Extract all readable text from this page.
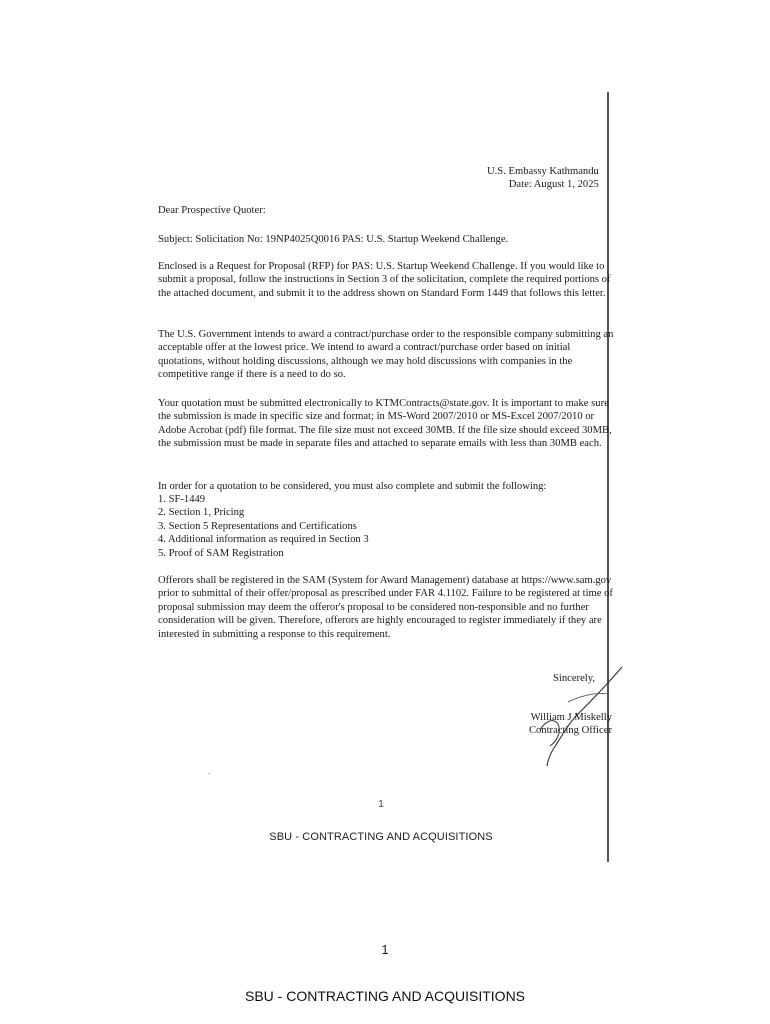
U.S. Embassy Kathmandu
Date: August 1, 2025

Dear Prospective Quoter:

Subject: Solicitation No: 19NP4025Q0016 PAS: U.S. Startup Weekend Challenge.

Enclosed is a Request for Proposal (RFP) for PAS: U.S. Startup Weekend Challenge. If you would like to submit a proposal, follow the instructions in Section 3 of the solicitation, complete the required portions of the attached document, and submit it to the address shown on Standard Form 1449 that follows this letter.

The U.S. Government intends to award a contract/purchase order to the responsible company submitting an acceptable offer at the lowest price. We intend to award a contract/purchase order based on initial quotations, without holding discussions, although we may hold discussions with companies in the competitive range if there is a need to do so.

Your quotation must be submitted electronically to KTMContracts@state.gov. It is important to make sure the submission is made in specific size and format; in MS-Word 2007/2010 or MS-Excel 2007/2010 or Adobe Acrobat (pdf) file format. The file size must not exceed 30MB. If the file size should exceed 30MB, the submission must be made in separate files and attached to separate emails with less than 30MB each.

In order for a quotation to be considered, you must also complete and submit the following:

1. SF-1449
2. Section 1, Pricing
3. Section 5 Representations and Certifications
4. Additional information as required in Section 3
5. Proof of SAM Registration

Offerors shall be registered in the SAM (System for Award Management) database at https://www.sam.gov prior to submittal of their offer/proposal as prescribed under FAR 4.1102. Failure to be registered at time of proposal submission may deem the offeror's proposal to be considered non-responsible and no further consideration will be given. Therefore, offerors are highly encouraged to register immediately if they are interested in submitting a response to this requirement.

Sincerely,
William J Miskelly
Contracting Officer
1
SBU - CONTRACTING AND ACQUISITIONS
1
SBU - CONTRACTING AND ACQUISITIONS
